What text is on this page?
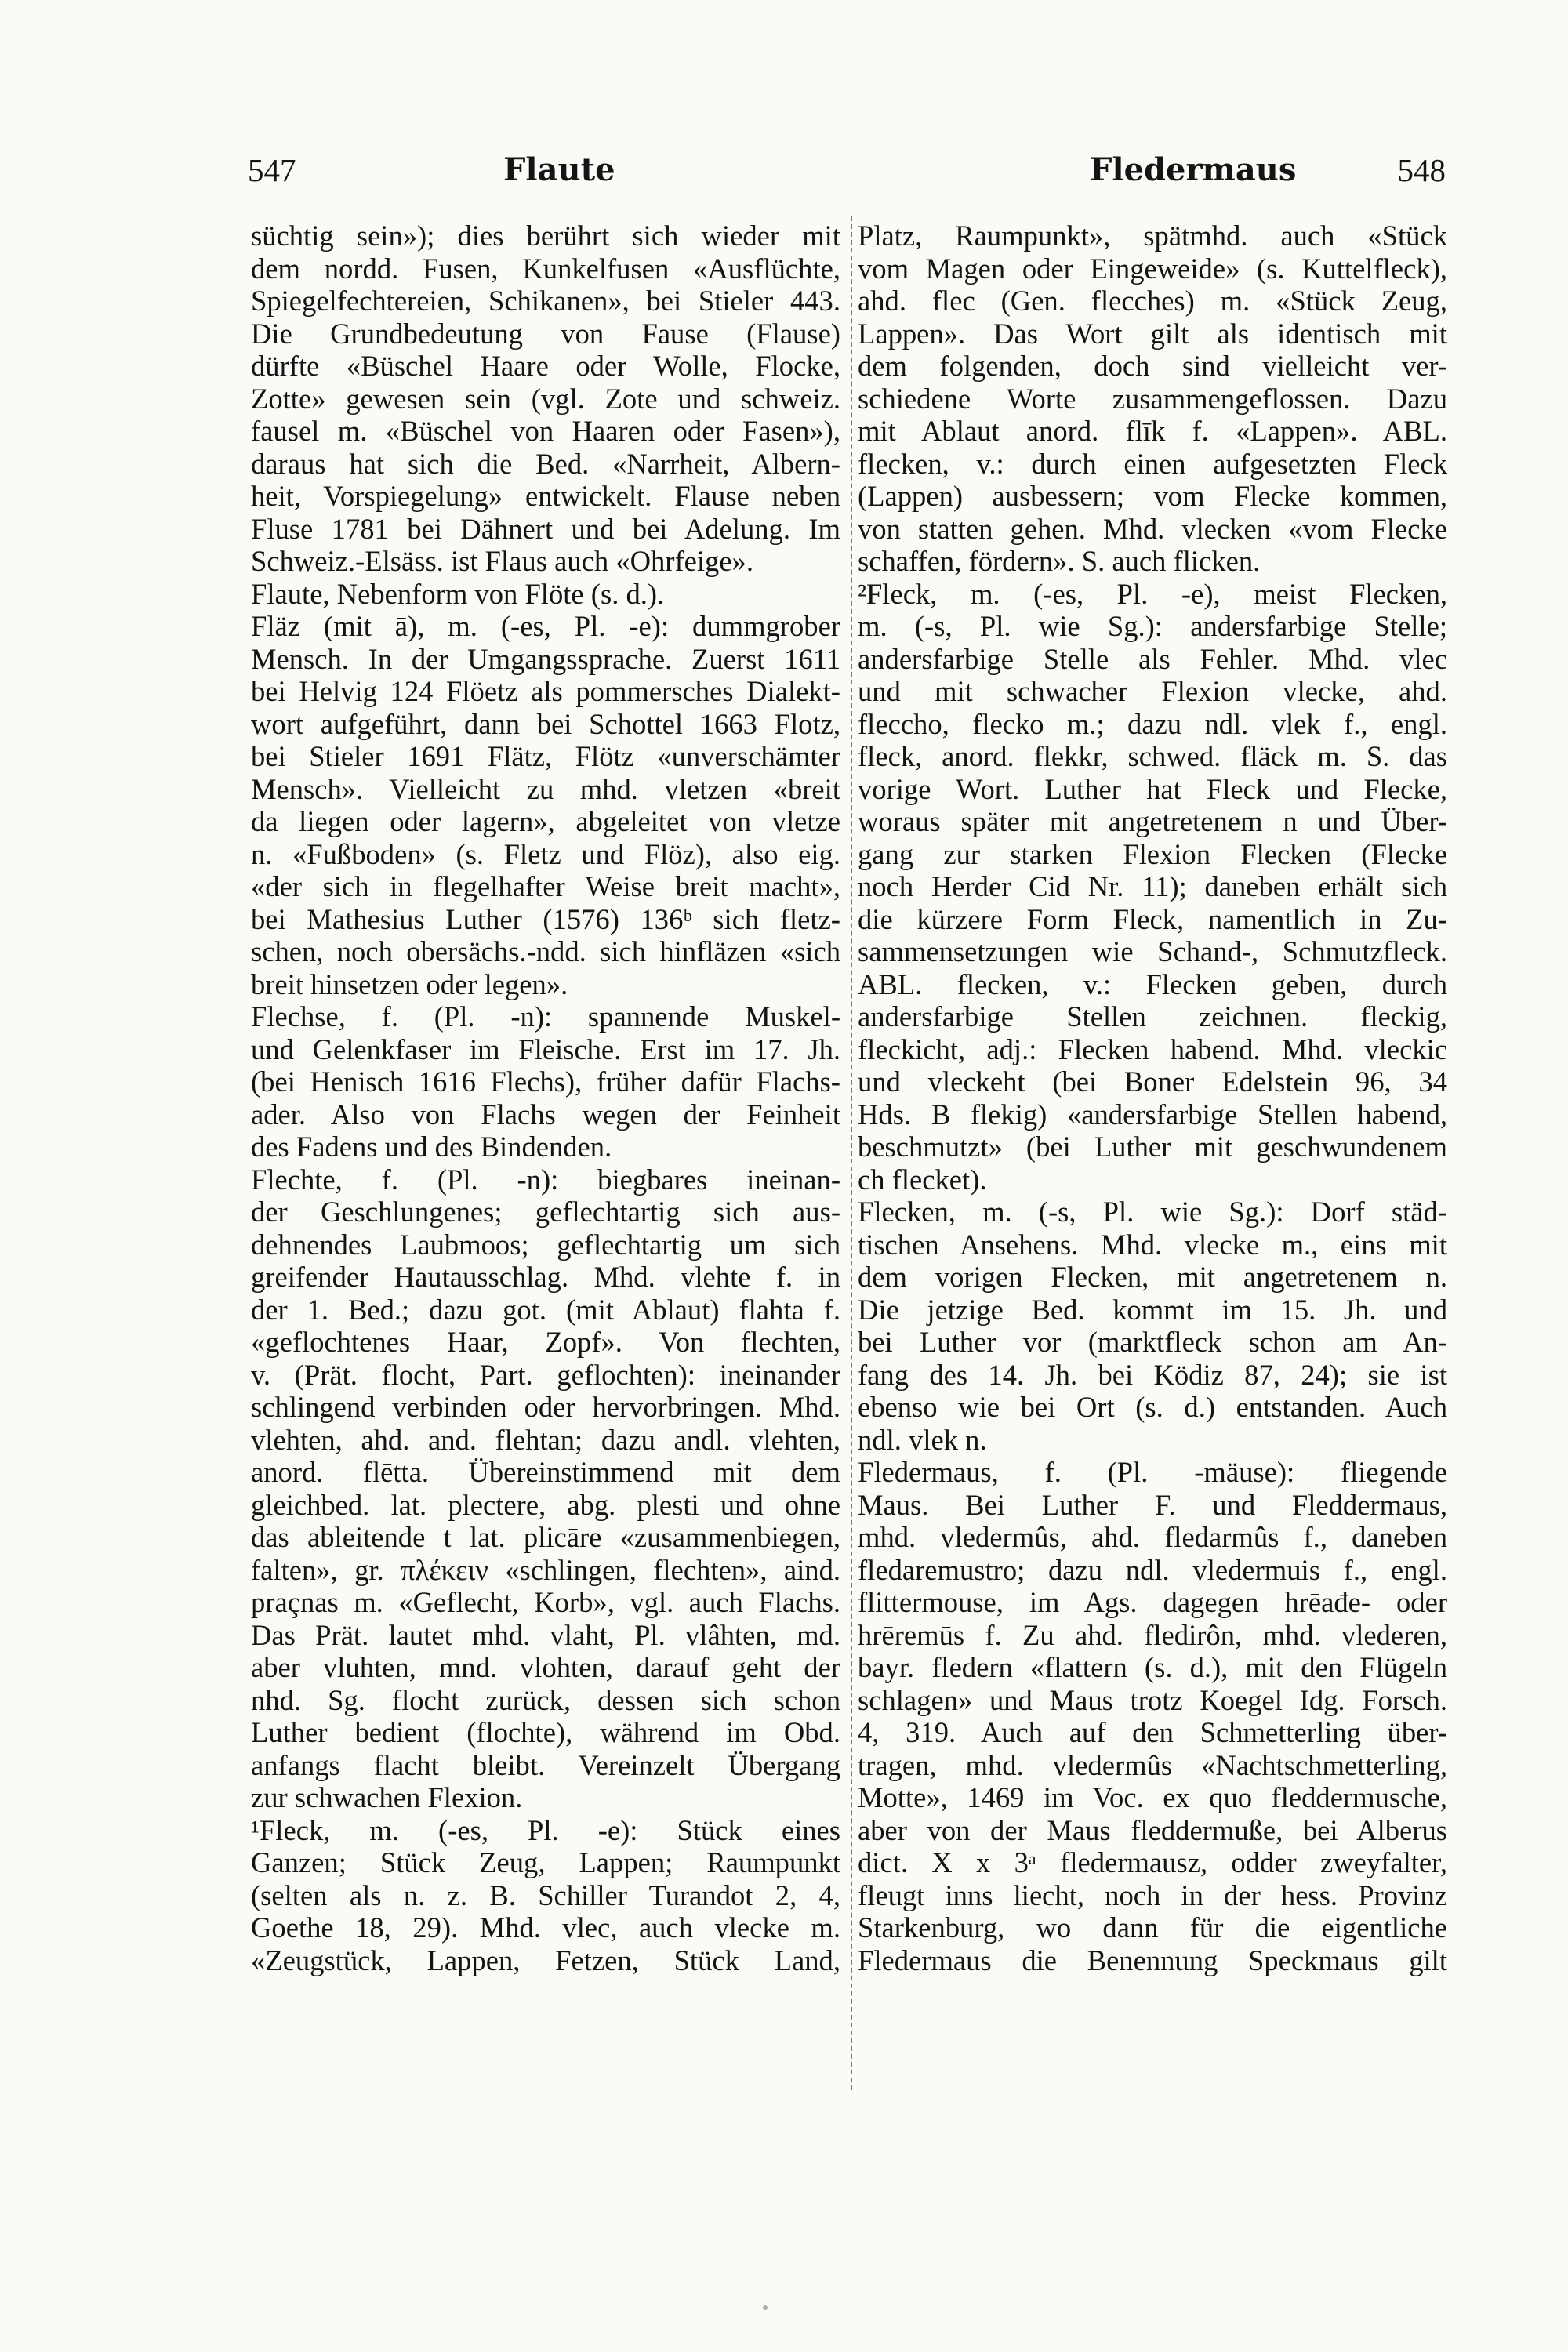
547	Flaute	Fledermaus	548
süchtig sein»); dies berührt sich wieder mit
dem nordd. Fusen, Kunkelfusen «Ausflüchte,
Spiegelfechtereien, Schikanen», bei Stieler 443.
Die Grundbedeutung von Fause (Flause)
dürfte «Büschel Haare oder Wolle, Flocke,
Zotte» gewesen sein (vgl. Zote und schweiz.
fausel m. «Büschel von Haaren oder Fasen»),
daraus hat sich die Bed. «Narrheit, Albern-
heit, Vorspiegelung» entwickelt. Flause neben
Fluse 1781 bei Dähnert und bei Adelung. Im
Schweiz.-Elsäss. ist Flaus auch «Ohrfeige».
Flaute, Nebenform von Flöte (s. d.).
Fläz (mit ā), m. (-es, Pl. -e): dummgrober
Mensch. In der Umgangssprache. Zuerst 1611
bei Helvig 124 Flöetz als pommersches Dialekt-
wort aufgeführt, dann bei Schottel 1663 Flotz,
bei Stieler 1691 Flätz, Flötz «unverschämter
Mensch». Vielleicht zu mhd. vletzen «breit
da liegen oder lagern», abgeleitet von vletze
n. «Fußboden» (s. Fletz und Flöz), also eig.
«der sich in flegelhafter Weise breit macht»,
bei Mathesius Luther (1576) 136ᵇ sich fletz-
schen, noch obersächs.-ndd. sich hinfläzen «sich
breit hinsetzen oder legen».
Flechse, f. (Pl. -n): spannende Muskel-
und Gelenkfaser im Fleische. Erst im 17. Jh.
(bei Henisch 1616 Flechs), früher dafür Flachs-
ader. Also von Flachs wegen der Feinheit
des Fadens und des Bindenden.
Flechte, f. (Pl. -n): biegbares ineinan-
der Geschlungenes; geflechtartig sich aus-
dehnendes Laubmoos; geflechtartig um sich
greifender Hautausschlag. Mhd. vlehte f. in
der 1. Bed.; dazu got. (mit Ablaut) flahta f.
«geflochtenes Haar, Zopf». Von flechten,
v. (Prät. flocht, Part. geflochten): ineinander
schlingend verbinden oder hervorbringen. Mhd.
vlehten, ahd. and. flehtan; dazu andl. vlehten,
anord. flētta. Übereinstimmend mit dem
gleichbed. lat. plectere, abg. plesti und ohne
das ableitende t lat. plicāre «zusammenbiegen,
falten», gr. πλέκειν «schlingen, flechten», aind.
praçnas m. «Geflecht, Korb», vgl. auch Flachs.
Das Prät. lautet mhd. vlaht, Pl. vlâhten, md.
aber vluhten, mnd. vlohten, darauf geht der
nhd. Sg. flocht zurück, dessen sich schon
Luther bedient (flochte), während im Obd.
anfangs flacht bleibt. Vereinzelt Übergang
zur schwachen Flexion.
¹Fleck, m. (-es, Pl. -e): Stück eines
Ganzen; Stück Zeug, Lappen; Raumpunkt
(selten als n. z. B. Schiller Turandot 2, 4,
Goethe 18, 29). Mhd. vlec, auch vlecke m.
«Zeugstück, Lappen, Fetzen, Stück Land,
Platz, Raumpunkt», spätmhd. auch «Stück
vom Magen oder Eingeweide» (s. Kuttelfleck),
ahd. flec (Gen. flecches) m. «Stück Zeug,
Lappen». Das Wort gilt als identisch mit
dem folgenden, doch sind vielleicht ver-
schiedene Worte zusammengeflossen. Dazu
mit Ablaut anord. flīk f. «Lappen». ABL.
flecken, v.: durch einen aufgesetzten Fleck
(Lappen) ausbessern; vom Flecke kommen,
von statten gehen. Mhd. vlecken «vom Flecke
schaffen, fördern». S. auch flicken.
²Fleck, m. (-es, Pl. -e), meist Flecken,
m. (-s, Pl. wie Sg.): andersfarbige Stelle;
andersfarbige Stelle als Fehler. Mhd. vlec
und mit schwacher Flexion vlecke, ahd.
fleccho, flecko m.; dazu ndl. vlek f., engl.
fleck, anord. flekkr, schwed. fläck m. S. das
vorige Wort. Luther hat Fleck und Flecke,
woraus später mit angetretenem n und Über-
gang zur starken Flexion Flecken (Flecke
noch Herder Cid Nr. 11); daneben erhält sich
die kürzere Form Fleck, namentlich in Zu-
sammensetzungen wie Schand-, Schmutzfleck.
ABL. flecken, v.: Flecken geben, durch
andersfarbige Stellen zeichnen. fleckig,
fleckicht, adj.: Flecken habend. Mhd. vleckic
und vleckeht (bei Boner Edelstein 96, 34
Hds. B flekig) «andersfarbige Stellen habend,
beschmutzt» (bei Luther mit geschwundenem
ch flecket).
Flecken, m. (-s, Pl. wie Sg.): Dorf städ-
tischen Ansehens. Mhd. vlecke m., eins mit
dem vorigen Flecken, mit angetretenem n.
Die jetzige Bed. kommt im 15. Jh. und
bei Luther vor (marktfleck schon am An-
fang des 14. Jh. bei Ködiz 87, 24); sie ist
ebenso wie bei Ort (s. d.) entstanden. Auch
ndl. vlek n.
Fledermaus, f. (Pl. -mäuse): fliegende
Maus. Bei Luther F. und Fleddermaus,
mhd. vledermûs, ahd. fledarmûs f., daneben
fledaremustro; dazu ndl. vledermuis f., engl.
flittermouse, im Ags. dagegen hrēađe- oder
hrēremūs f. Zu ahd. fledirôn, mhd. vlederen,
bayr. fledern «flattern (s. d.), mit den Flügeln
schlagen» und Maus trotz Koegel Idg. Forsch.
4, 319. Auch auf den Schmetterling über-
tragen, mhd. vledermûs «Nachtschmetterling,
Motte», 1469 im Voc. ex quo fleddermusche,
aber von der Maus fleddermuße, bei Alberus
dict. X x 3ᵃ fledermausz, odder zweyfalter,
fleugt inns liecht, noch in der hess. Provinz
Starkenburg, wo dann für die eigentliche
Fledermaus die Benennung Speckmaus gilt
